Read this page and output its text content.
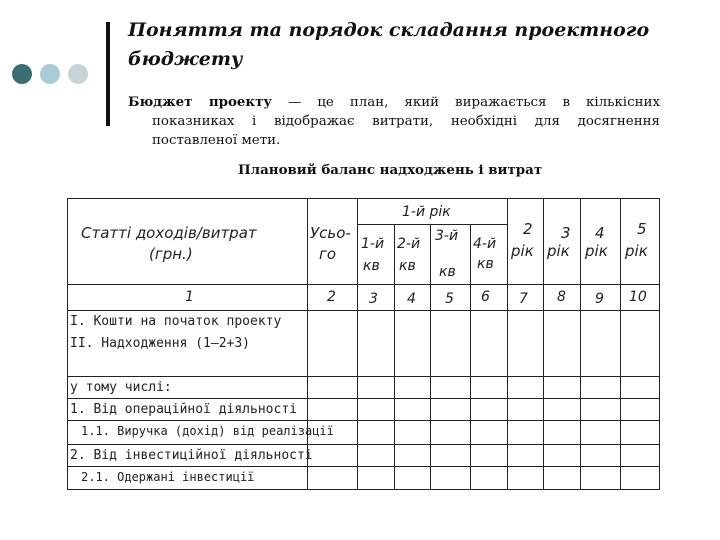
Поняття та порядок складання проектного бюджету
Бюджет проекту — це план, який виражається в кількісних
показниках і відображає витрати, необхідні для досягнення
поставленої мети.
Плановий баланс надходжень і витрат
Статті доходів/витрат
(грн.)
Усьо-
го
1-й рік
1-й
кв
2-й
кв
3-й
кв
4-й
кв
2
рік
3
рік
4
рік
5
рік
1	2 3 4 5 6 7 8 9 10
I. Кошти на початок проекту
II. Надходження (1–2+3)
у тому числі:
1. Від операційної діяльності
1.1. Виручка (дохід) від реалізації
2. Від інвестиційної діяльності
2.1. Одержані інвестиції
